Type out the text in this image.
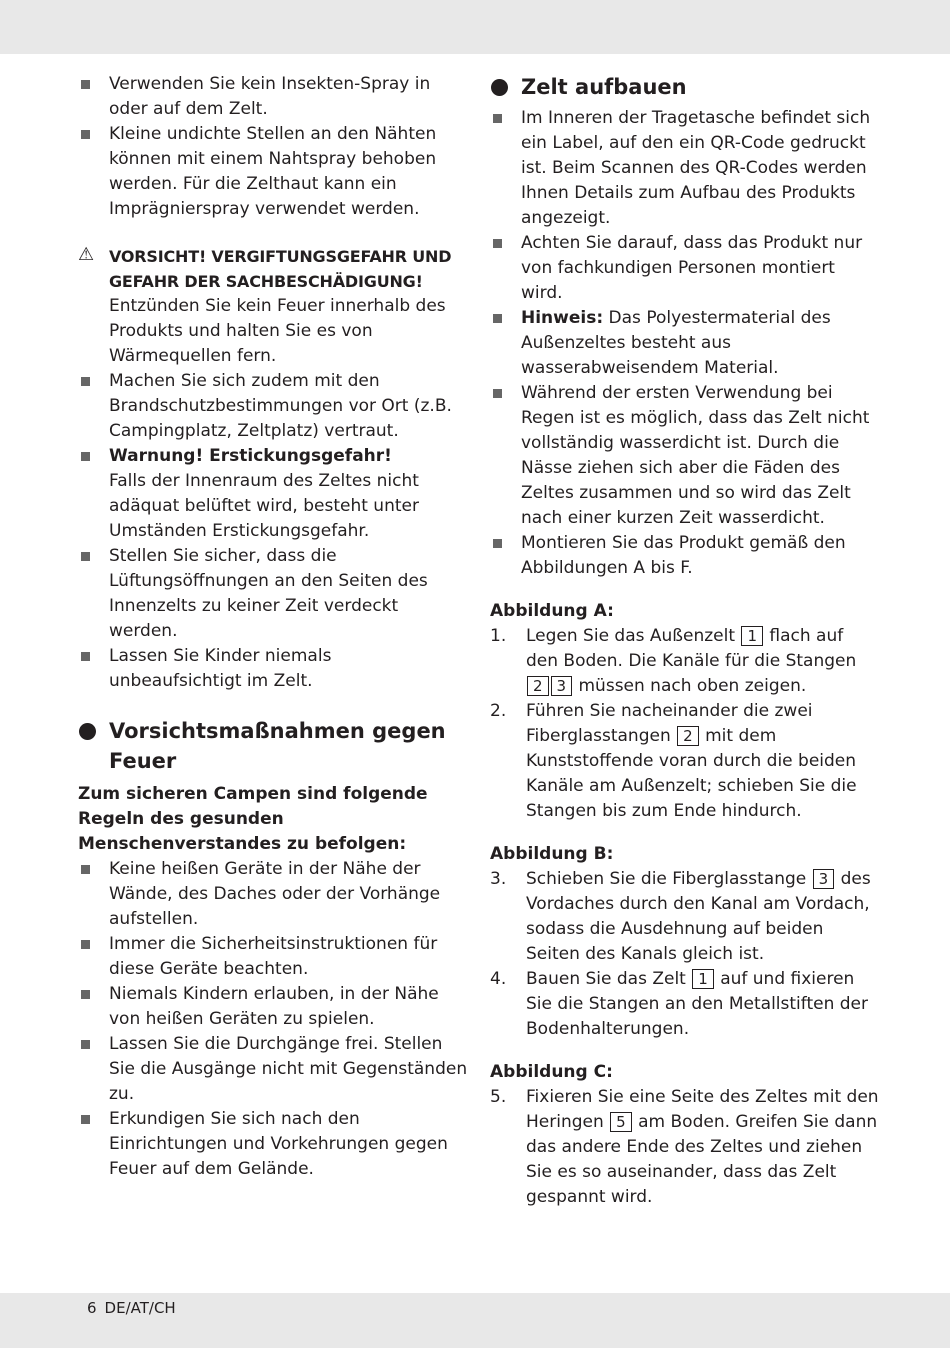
Verwenden Sie kein Insekten-Spray in oder auf dem Zelt.
Kleine undichte Stellen an den Nähten können mit einem Nahtspray behoben werden. Für die Zelthaut kann ein Imprägnierspray verwendet werden.
⚠ VORSICHT! VERGIFTUNGSGEFAHR UND GEFAHR DER SACHBESCHÄDIGUNG!
Entzünden Sie kein Feuer innerhalb des Produkts und halten Sie es von Wärmequellen fern.
Machen Sie sich zudem mit den Brandschutzbestimmungen vor Ort (z.B. Campingplatz, Zeltplatz) vertraut.
Warnung! Erstickungsgefahr!
Falls der Innenraum des Zeltes nicht adäquat belüftet wird, besteht unter Umständen Erstickungsgefahr.
Stellen Sie sicher, dass die Lüftungsöffnungen an den Seiten des Innenzelts zu keiner Zeit verdeckt werden.
Lassen Sie Kinder niemals unbeaufsichtigt im Zelt.
Vorsichtsmaßnahmen gegen Feuer
Zum sicheren Campen sind folgende Regeln des gesunden Menschenverstandes zu befolgen:
Keine heißen Geräte in der Nähe der Wände, des Daches oder der Vorhänge aufstellen.
Immer die Sicherheitsinstruktionen für diese Geräte beachten.
Niemals Kindern erlauben, in der Nähe von heißen Geräten zu spielen.
Lassen Sie die Durchgänge frei. Stellen Sie die Ausgänge nicht mit Gegenständen zu.
Erkundigen Sie sich nach den Einrichtungen und Vorkehrungen gegen Feuer auf dem Gelände.
Zelt aufbauen
Im Inneren der Tragetasche befindet sich ein Label, auf den ein QR-Code gedruckt ist. Beim Scannen des QR-Codes werden Ihnen Details zum Aufbau des Produkts angezeigt.
Achten Sie darauf, dass das Produkt nur von fachkundigen Personen montiert wird.
Hinweis: Das Polyestermaterial des Außenzeltes besteht aus wasserabweisendem Material.
Während der ersten Verwendung bei Regen ist es möglich, dass das Zelt nicht vollständig wasserdicht ist. Durch die Nässe ziehen sich aber die Fäden des Zeltes zusammen und so wird das Zelt nach einer kurzen Zeit wasserdicht.
Montieren Sie das Produkt gemäß den Abbildungen A bis F.
Abbildung A:
1. Legen Sie das Außenzelt 1 flach auf den Boden. Die Kanäle für die Stangen 2 3 müssen nach oben zeigen.
2. Führen Sie nacheinander die zwei Fiberglasstangen 2 mit dem Kunststoffende voran durch die beiden Kanäle am Außenzelt; schieben Sie die Stangen bis zum Ende hindurch.
Abbildung B:
3. Schieben Sie die Fiberglasstange 3 des Vordaches durch den Kanal am Vordach, sodass die Ausdehnung auf beiden Seiten des Kanals gleich ist.
4. Bauen Sie das Zelt 1 auf und fixieren Sie die Stangen an den Metallstiften der Bodenhalterungen.
Abbildung C:
5. Fixieren Sie eine Seite des Zeltes mit den Heringen 5 am Boden. Greifen Sie dann das andere Ende des Zeltes und ziehen Sie es so auseinander, dass das Zelt gespannt wird.
6 DE/AT/CH
